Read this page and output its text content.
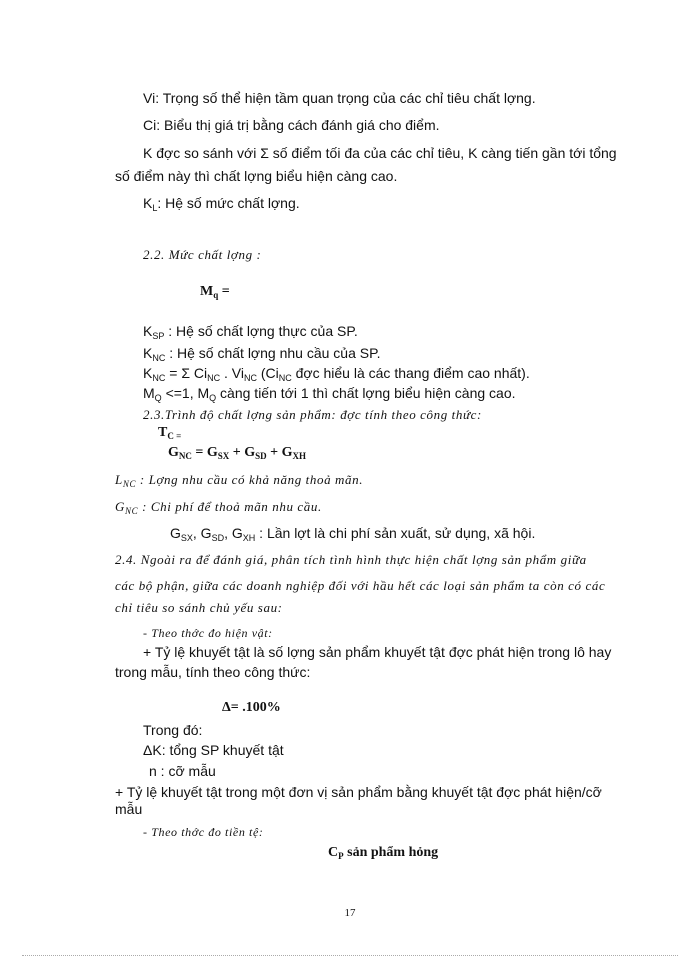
Vi: Trọng số thể hiện tầm quan trọng của các chỉ tiêu chất lợng.
Ci: Biểu thị giá trị bằng cách đánh giá cho điểm.
K đợc so sánh với Σ số điểm tối đa của các chỉ tiêu, K càng tiến gần tới tổng
số điểm này thì chất lợng biểu hiện càng cao.
$K_L$: Hệ số mức chất lợng.
2.2. Mức chất lợng :
$M_q$ =
$K_{SP}$ : Hệ số chất lợng thực của SP.
$K_{NC}$ : Hệ số chất lợng nhu cầu của SP.
$K_{NC} = \Sigma$ $Ci_{NC}$ . $Vi_{NC}$ ($Ci_{NC}$ đợc hiểu là các thang điểm cao nhất).
$M_Q <=1$, $M_Q$ càng tiến tới 1 thì chất lợng biểu hiện càng cao.
2.3.Trình độ chất lợng sản phẩm: đợc tính theo công thức:
$T_{C =}$
$G_{NC} = G_{SX} + G_{SD} + G_{XH}$
$L_{NC}$ : Lợng nhu cầu có khả năng thoả mãn.
$G_{NC}$ : Chi phí để thoả mãn nhu cầu.
$G_{SX}$, $G_{SD}$, $G_{XH}$ : Lần lợt là chi phí sản xuất, sử dụng, xã hội.
2.4. Ngoài ra để đánh giá, phân tích tình hình thực hiện chất lợng sản phẩm giữa
các bộ phận, giữa các doanh nghiệp đối với hầu hết các loại sản phẩm ta còn có các
chỉ tiêu so sánh chủ yếu sau:
- Theo thớc đo hiện vật:
+ Tỷ lệ khuyết tật là số lợng sản phẩm khuyết tật đợc phát hiện trong lô hay
trong mẫu, tính theo công thức:
Δ= .100%
Trong đó:
ΔK: tổng SP khuyết tật
n : cỡ mẫu
+ Tỷ lệ khuyết tật trong một đơn vị sản phẩm bằng khuyết tật đợc phát hiện/cỡ
mẫu
- Theo thớc đo tiền tệ:
$C_P$ sản phẩm hỏng
17
